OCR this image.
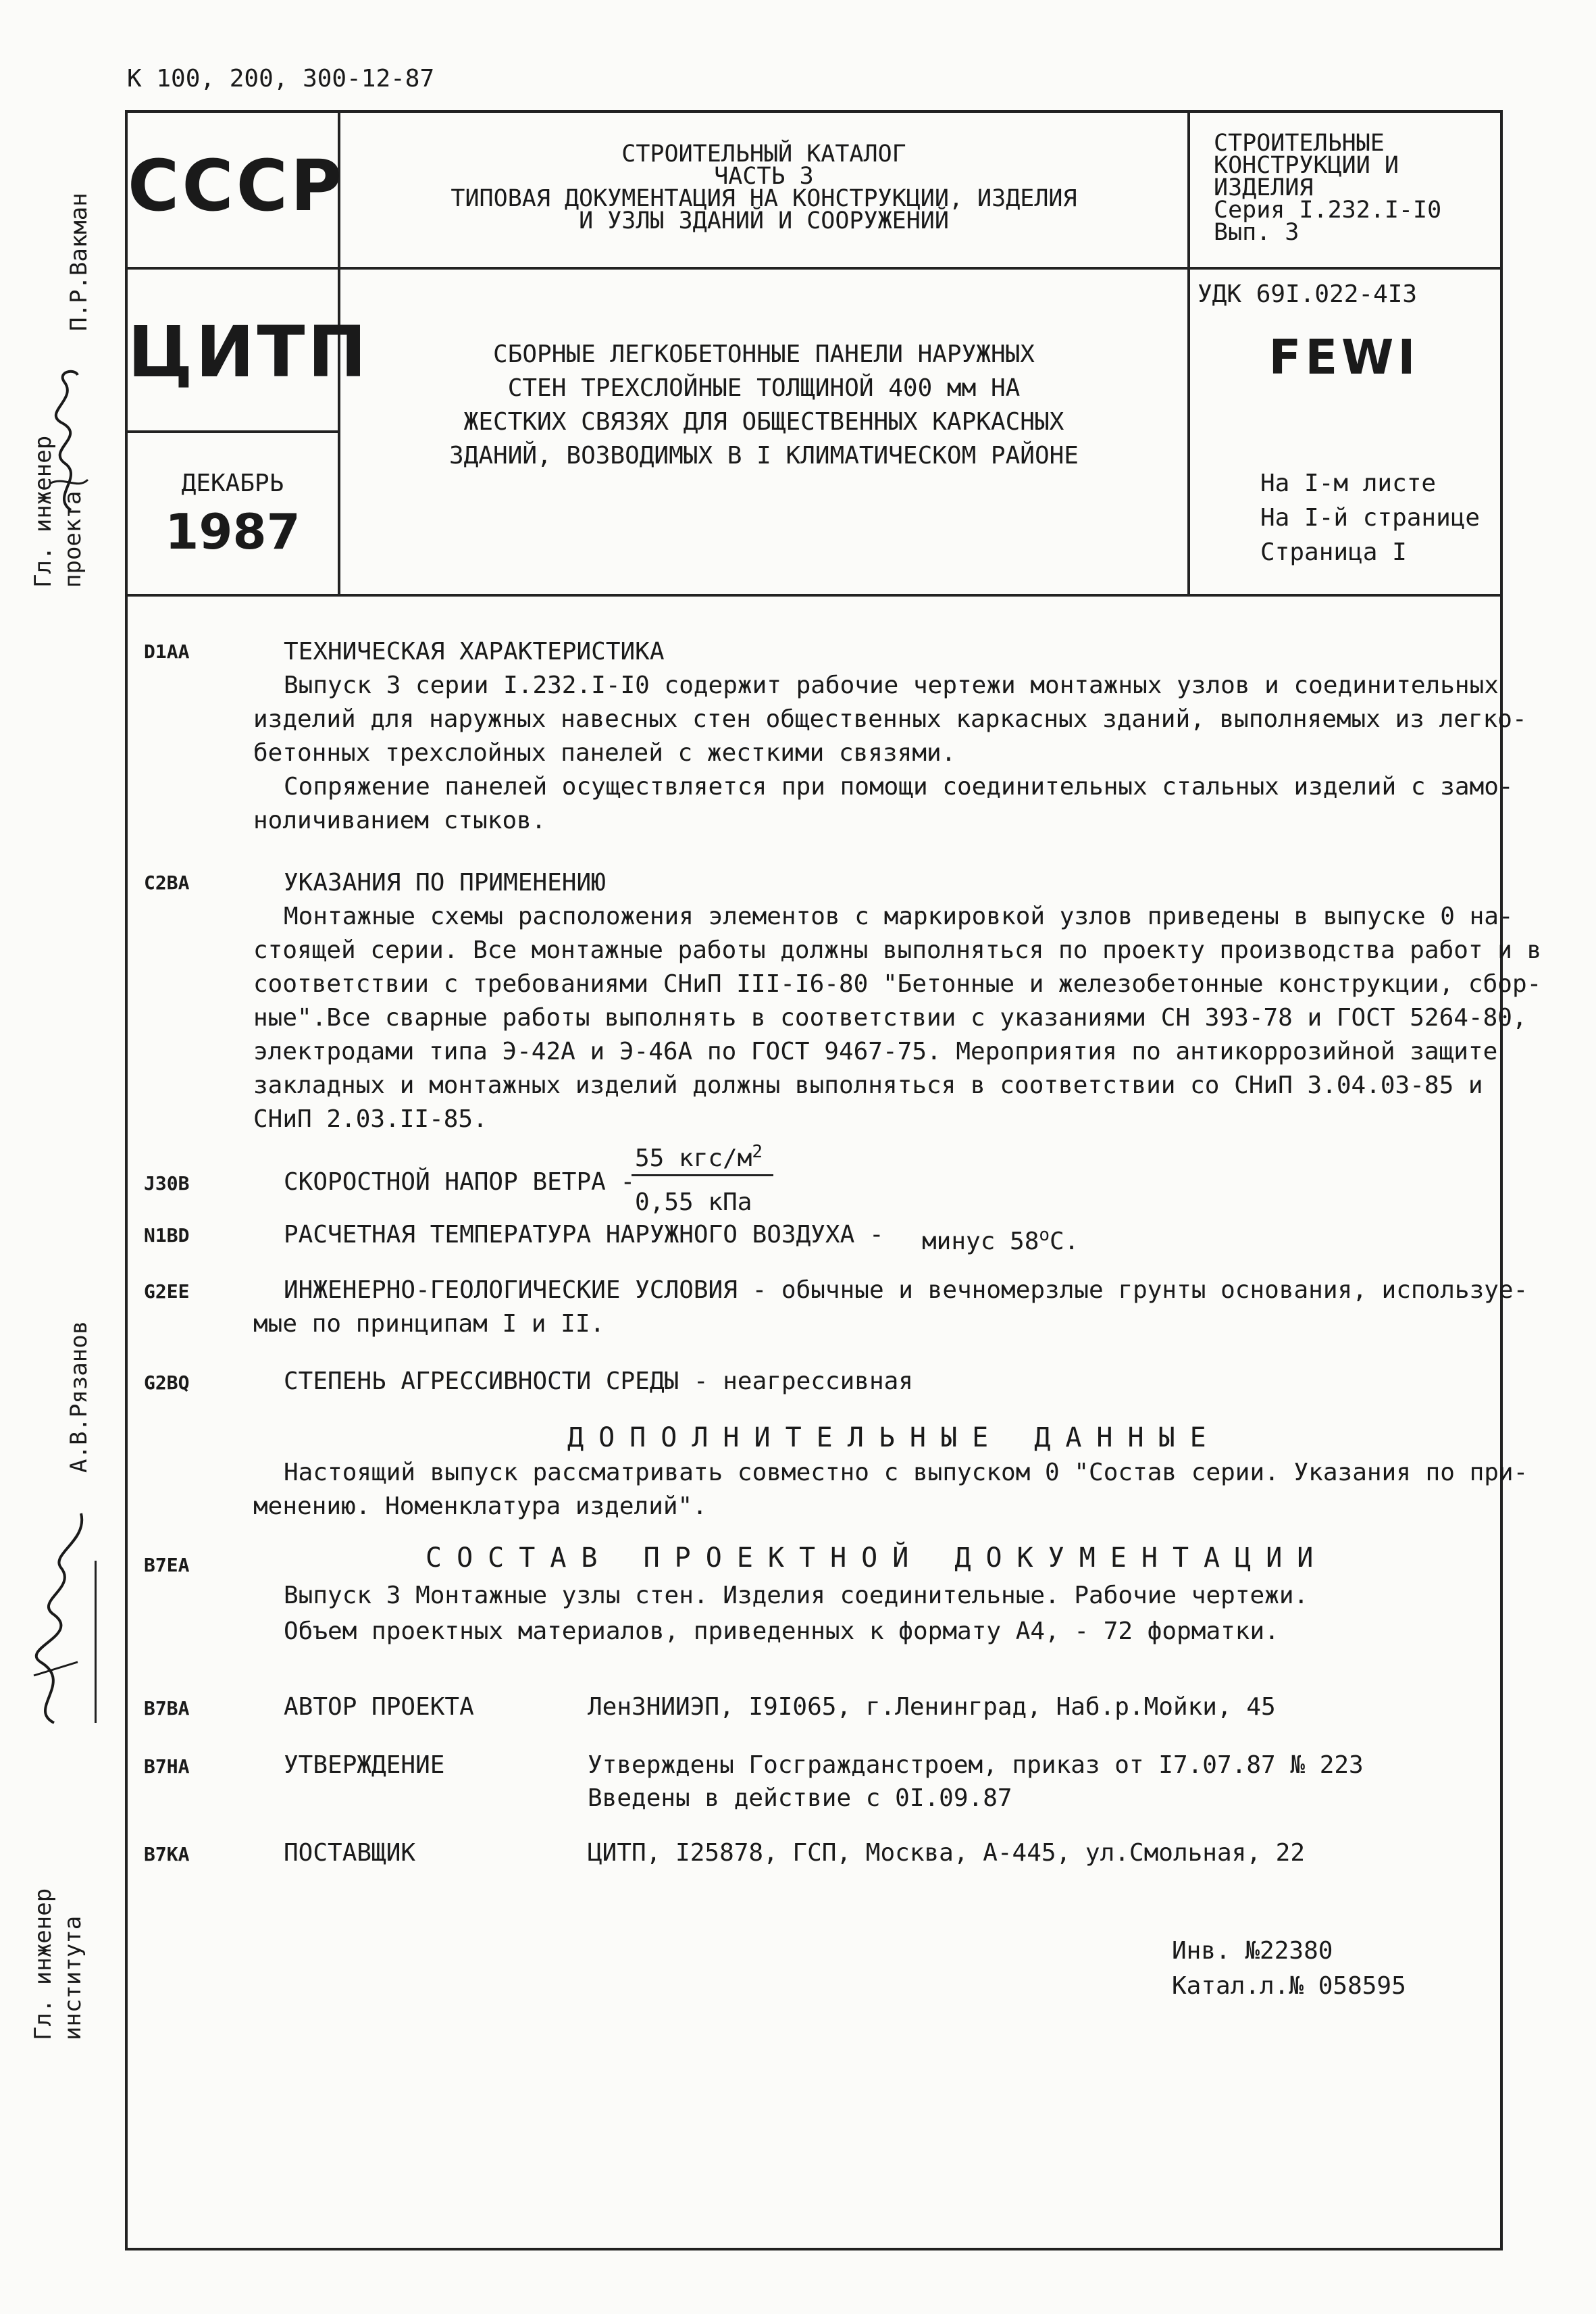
К 100, 200, 300-12-87
СССР
ЦИТП
ДЕКАБРЬ
1987
СТРОИТЕЛЬНЫЙ КАТАЛОГ
ЧАСТЬ 3
ТИПОВАЯ ДОКУМЕНТАЦИЯ НА КОНСТРУКЦИИ, ИЗДЕЛИЯ
И УЗЛЫ ЗДАНИЙ И СООРУЖЕНИЙ
СБОРНЫЕ ЛЕГКОБЕТОННЫЕ ПАНЕЛИ НАРУЖНЫХ
СТЕН ТРЕХСЛОЙНЫЕ ТОЛЩИНОЙ 400 мм НА
ЖЕСТКИХ СВЯЗЯХ ДЛЯ ОБЩЕСТВЕННЫХ КАРКАСНЫХ
ЗДАНИЙ, ВОЗВОДИМЫХ В I КЛИМАТИЧЕСКОМ РАЙОНЕ
СТРОИТЕЛЬНЫЕ
КОНСТРУКЦИИ И
ИЗДЕЛИЯ
Серия I.232.I-I0
Вып. 3
УДК 69I.022-4I3
FEWI
На I-м листе
На I-й странице
Страница I
Гл. инженер проекта
П.Р.Вакман
А.В.Рязанов
Гл. инженер института
D1AA	ТЕХНИЧЕСКАЯ ХАРАКТЕРИСТИКА
Выпуск 3 серии I.232.I-I0 содержит рабочие чертежи монтажных узлов и соединительных
изделий для наружных навесных стен общественных каркасных зданий, выполняемых из легко-
бетонных трехслойных панелей с жесткими связями.
Сопряжение панелей осуществляется при помощи соединительных стальных изделий с замо-
ноличиванием стыков.
C2BA	УКАЗАНИЯ ПО ПРИМЕНЕНИЮ
Монтажные схемы расположения элементов с маркировкой узлов приведены в выпуске 0 на-
стоящей серии. Все монтажные работы должны выполняться по проекту производства работ и в
соответствии с требованиями СНиП III-I6-80 "Бетонные и железобетонные конструкции, сбор-
ные".Все сварные работы выполнять в соответствии с указаниями СН 393-78 и ГОСТ 5264-80,
электродами типа Э-42А и Э-46А по ГОСТ 9467-75. Мероприятия по антикоррозийной защите
закладных и монтажных изделий должны выполняться в соответствии со СНиП 3.04.03-85 и
СНиП 2.03.II-85.
J30B	СКОРОСТНОЙ НАПОР ВЕТРА -
55 кгс/$м^2$
0,55 кПа
N1BD	РАСЧЕТНАЯ ТЕМПЕРАТУРА НАРУЖНОГО ВОЗДУХА - минус $58^оС$.
G2EE	ИНЖЕНЕРНО-ГЕОЛОГИЧЕСКИЕ УСЛОВИЯ - обычные и вечномерзлые грунты основания, используе-
мые по принципам I и II.
G2BQ	СТЕПЕНЬ АГРЕССИВНОСТИ СРЕДЫ - неагрессивная
ДОПОЛНИТЕЛЬНЫЕ ДАННЫЕ
Настоящий выпуск рассматривать совместно с выпуском 0 "Состав серии. Указания по при-
менению. Номенклатура изделий".
B7EA	СОСТАВ ПРОЕКТНОЙ ДОКУМЕНТАЦИИ
Выпуск 3 Монтажные узлы стен. Изделия соединительные. Рабочие чертежи.
Объем проектных материалов, приведенных к формату А4, - 72 форматки.
B7BA	АВТОР ПРОЕКТА	ЛенЗНИИЭП, I9I065, г.Ленинград, Наб.р.Мойки, 45
B7HA	УТВЕРЖДЕНИЕ	Утверждены Госгражданстроем, приказ от I7.07.87 № 223
Введены в действие с 0I.09.87
B7KA	ПОСТАВЩИК	ЦИТП, I25878, ГСП, Москва, А-445, ул.Смольная, 22
Инв. №22380
Катал.л.№ 058595
